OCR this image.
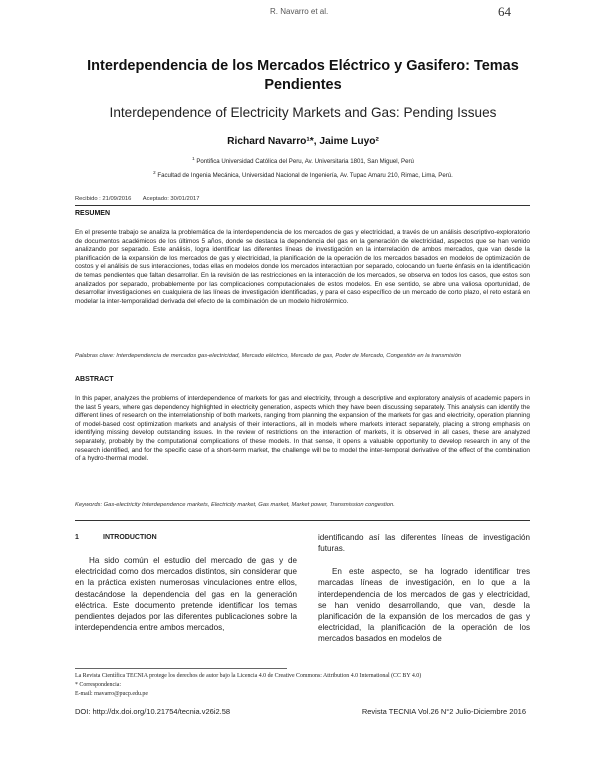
R. Navarro et al.	64
Interdependencia de los Mercados Eléctrico y Gasifero: Temas Pendientes
Interdependence of Electricity Markets and Gas: Pending Issues
Richard Navarro¹*, Jaime Luyo²
$^1$ Pontifica Universidad Católica del Peru, Av. Universitaria 1801, San Miguel, Perú
$^2$ Facultad de Ingenia Mecánica, Universidad Nacional de Ingeniería, Av. Tupac Amaru 210, Rimac, Lima, Perú.
Recibido : 21/09/2016 Aceptado: 30/01/2017
RESUMEN
En el presente trabajo se analiza la problemática de la interdependencia de los mercados de gas y electricidad, a través de un análisis descriptivo-exploratorio de documentos académicos de los últimos 5 años, donde se destaca la dependencia del gas en la generación de electricidad, aspectos que se han venido analizando por separado. Este análisis, logra identificar las diferentes líneas de investigación en la interrelación de ambos mercados, que van desde la planificación de la expansión de los mercados de gas y electricidad, la planificación de la operación de los mercados basados en modelos de optimización de costos y el análisis de sus interacciones, todas ellas en modelos donde los mercados interactúan por separado, colocando un fuerte énfasis en la identificación de temas pendientes que faltan desarrollar. En la revisión de las restricciones en la interacción de los mercados, se observa en todos los casos, que estos son analizados por separado, probablemente por las complicaciones computacionales de estos modelos. En ese sentido, se abre una valiosa oportunidad, de desarrollar investigaciones en cualquiera de las líneas de investigación identificadas, y para el caso específico de un mercado de corto plazo, el reto estará en modelar la inter-temporalidad derivada del efecto de la combinación de un modelo hidrotérmico.
Palabras clave: Interdependencia de mercados gas-electricidad, Mercado eléctrico, Mercado de gas, Poder de Mercado, Congestión en la transmisión
ABSTRACT
In this paper, analyzes the problems of interdependence of markets for gas and electricity, through a descriptive and exploratory analysis of academic papers in the last 5 years, where gas dependency highlighted in electricity generation, aspects which they have been discussing separately. This analysis can identify the different lines of research on the interrelationship of both markets, ranging from planning the expansion of the markets for gas and electricity, operation planning of model-based cost optimization markets and analysis of their interactions, all in models where markets interact separately, placing a strong emphasis on identifying missing develop outstanding issues. In the review of restrictions on the interaction of markets, it is observed in all cases, these are analyzed separately, probably by the computational complications of these models. In that sense, it opens a valuable opportunity to develop research in any of the research identified, and for the specific case of a short-term market, the challenge will be to model the inter-temporal derivative of the effect of the combination of a hydro-thermal model.
Keywords: Gas-electricity Interdependence markets, Electricity market, Gas market, Market power, Transmission congestion.
1	INTRODUCTION

Ha sido común el estudio del mercado de gas y de electricidad como dos mercados distintos, sin considerar que en la práctica existen numerosas vinculaciones entre ellos, destacándose la dependencia del gas en la generación eléctrica. Este documento pretende identificar los temas pendientes dejados por las diferentes publicaciones sobre la interdependencia entre ambos mercados,

identificando así las diferentes líneas de investigación futuras.

En este aspecto, se ha logrado identificar tres marcadas líneas de investigación, en lo que a la interdependencia de los mercados de gas y electricidad, se han venido desarrollando, que van, desde la planificación de la expansión de los mercados de gas y electricidad, la planificación de la operación de los mercados basados en modelos de

La Revista Científica TECNIA protege los derechos de autor bajo la Licencia 4.0 de Creative Commons: Attribution 4.0 International (CC BY 4.0)
* Correspondencia:
E-mail: rnavarro@pucp.edu.pe
DOI: http://dx.doi.org/10.21754/tecnia.v26i2.58	Revista TECNIA Vol.26 N°2 Julio-Diciembre 2016
